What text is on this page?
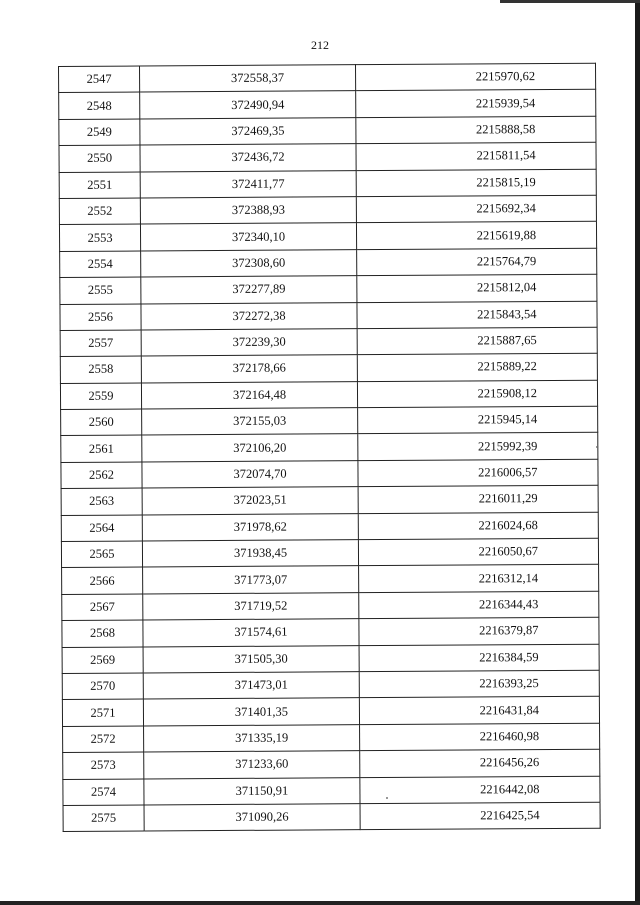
212
2547	372558,37	2215970,62
2548	372490,94	2215939,54
2549	372469,35	2215888,58
2550	372436,72	2215811,54
2551	372411,77	2215815,19
2552	372388,93	2215692,34
2553	372340,10	2215619,88
2554	372308,60	2215764,79
2555	372277,89	2215812,04
2556	372272,38	2215843,54
2557	372239,30	2215887,65
2558	372178,66	2215889,22
2559	372164,48	2215908,12
2560	372155,03	2215945,14
2561	372106,20	2215992,39
2562	372074,70	2216006,57
2563	372023,51	2216011,29
2564	371978,62	2216024,68
2565	371938,45	2216050,67
2566	371773,07	2216312,14
2567	371719,52	2216344,43
2568	371574,61	2216379,87
2569	371505,30	2216384,59
2570	371473,01	2216393,25
2571	371401,35	2216431,84
2572	371335,19	2216460,98
2573	371233,60	2216456,26
2574	371150,91	2216442,08
2575	371090,26	2216425,54
